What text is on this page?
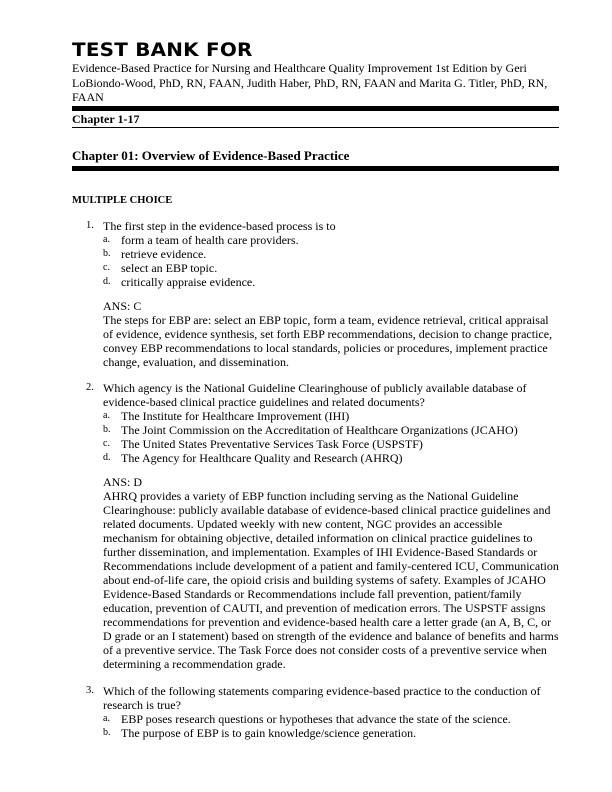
TEST BANK FOR
Evidence-Based Practice for Nursing and Healthcare Quality Improvement 1st Edition by Geri LoBiondo-Wood, PhD, RN, FAAN, Judith Haber, PhD, RN, FAAN and Marita G. Titler, PhD, RN, FAAN
Chapter 1-17
Chapter 01: Overview of Evidence-Based Practice
MULTIPLE CHOICE
1. The first step in the evidence-based process is to
a. form a team of health care providers.
b. retrieve evidence.
c. select an EBP topic.
d. critically appraise evidence.
ANS: C
The steps for EBP are: select an EBP topic, form a team, evidence retrieval, critical appraisal of evidence, evidence synthesis, set forth EBP recommendations, decision to change practice, convey EBP recommendations to local standards, policies or procedures, implement practice change, evaluation, and dissemination.
2. Which agency is the National Guideline Clearinghouse of publicly available database of evidence-based clinical practice guidelines and related documents?
a. The Institute for Healthcare Improvement (IHI)
b. The Joint Commission on the Accreditation of Healthcare Organizations (JCAHO)
c. The United States Preventative Services Task Force (USPSTF)
d. The Agency for Healthcare Quality and Research (AHRQ)
ANS: D
AHRQ provides a variety of EBP function including serving as the National Guideline Clearinghouse: publicly available database of evidence-based clinical practice guidelines and related documents. Updated weekly with new content, NGC provides an accessible mechanism for obtaining objective, detailed information on clinical practice guidelines to further dissemination, and implementation. Examples of IHI Evidence-Based Standards or Recommendations include development of a patient and family-centered ICU, Communication about end-of-life care, the opioid crisis and building systems of safety. Examples of JCAHO Evidence-Based Standards or Recommendations include fall prevention, patient/family education, prevention of CAUTI, and prevention of medication errors. The USPSTF assigns recommendations for prevention and evidence-based health care a letter grade (an A, B, C, or D grade or an I statement) based on strength of the evidence and balance of benefits and harms of a preventive service. The Task Force does not consider costs of a preventive service when determining a recommendation grade.
3. Which of the following statements comparing evidence-based practice to the conduction of research is true?
a. EBP poses research questions or hypotheses that advance the state of the science.
b. The purpose of EBP is to gain knowledge/science generation.
